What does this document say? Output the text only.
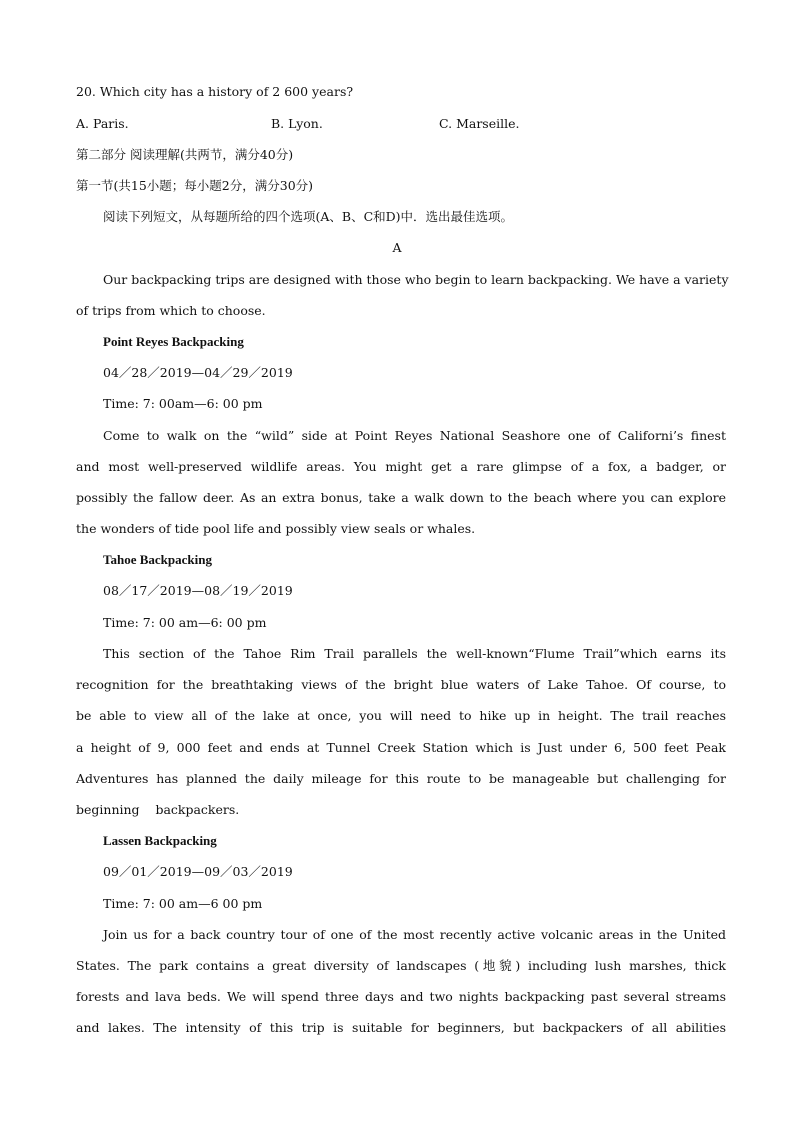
20. Which city has a history of 2 600 years?
A. Paris.	B. Lyon.	C. Marseille.
第二部分 阅读理解(共两节，满分40分)
第一节(共15小题；每小题2分，满分30分)
阅读下列短文，从每题所给的四个选项(A、B、C和D)中．选出最佳选项。
A
Our backpacking trips are designed with those who begin to learn backpacking. We have a variety
of trips from which to choose.
Point Reyes Backpacking
04／28／2019—04／29／2019
Time: 7: 00am—6: 00 pm
Come to walk on the “wild” side at Point Reyes National Seashore one of Californi’s finest
and most well-preserved wildlife areas. You might get a rare glimpse of a fox, a badger, or
possibly the fallow deer. As an extra bonus, take a walk down to the beach where you can explore
the wonders of tide pool life and possibly view seals or whales.
Tahoe Backpacking
08／17／2019—08／19／2019
Time: 7: 00 am—6: 00 pm
This section of the Tahoe Rim Trail parallels the well-known“Flume Trail”which earns its
recognition for the breathtaking views of the bright blue waters of Lake Tahoe. Of course, to
be able to view all of the lake at once, you will need to hike up in height. The trail reaches
a height of 9, 000 feet and ends at Tunnel Creek Station which is Just under 6, 500 feet Peak
Adventures has planned the daily mileage for this route to be manageable but challenging for
beginning    backpackers.
Lassen Backpacking
09／01／2019—09／03／2019
Time: 7: 00 am—6 00 pm
Join us for a back country tour of one of the most recently active volcanic areas in the United
States. The park contains a great diversity of landscapes (地貌) including lush marshes, thick
forests and lava beds. We will spend three days and two nights backpacking past several streams
and lakes. The intensity of this trip is suitable for beginners, but backpackers of all abilities
